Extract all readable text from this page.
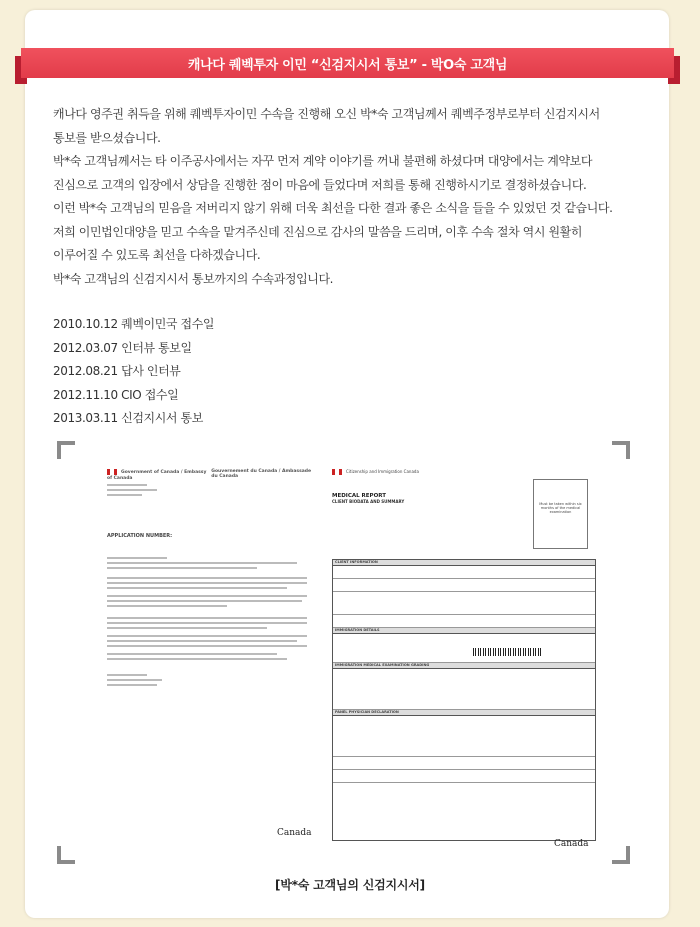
캐나다 퀘벡투자 이민 “신검지시서 통보” - 박O숙 고객님

캐나다 영주권 취득을 위해 퀘벡투자이민 수속을 진행해 오신 박*숙 고객님께서 퀘벡주정부로부터 신검지시서

통보를 받으셨습니다.

박*숙 고객님께서는 타 이주공사에서는 자꾸 먼저 계약 이야기를 꺼내 불편해 하셨다며 대양에서는 계약보다

진심으로 고객의 입장에서 상담을 진행한 점이 마음에 들었다며 저희를 통해 진행하시기로 결정하셨습니다.

이런 박*숙 고객님의 믿음을 저버리지 않기 위해 더욱 최선을 다한 결과 좋은 소식을 들을 수 있었던 것 같습니다.

저희 이민법인대양을 믿고 수속을 맡겨주신데 진심으로 감사의 말씀을 드리며, 이후 수속 절차 역시 원활히

이루어질 수 있도록 최선을 다하겠습니다.

박*숙 고객님의 신검지시서 통보까지의 수속과정입니다.

2010.10.12 퀘벡이민국 접수일
2012.03.07 인터뷰 통보일
2012.08.21 답사 인터뷰
2012.11.10 CIO 접수일
2013.03.11 신검지시서 통보
Government of Canada / Embassy of Canada
Gouvernement du Canada / Ambassade du Canada
APPLICATION NUMBER:
Canada
Citizenship and Immigration Canada
MEDICAL REPORT
CLIENT BIODATA AND SUMMARY	Must be taken within six months of the medical examination
CLIENT INFORMATION
IMMIGRATION DETAILS
IMMIGRATION MEDICAL EXAMINATION GRADING
PANEL PHYSICIAN DECLARATION
Canada
[박*숙 고객님의 신검지시서]
